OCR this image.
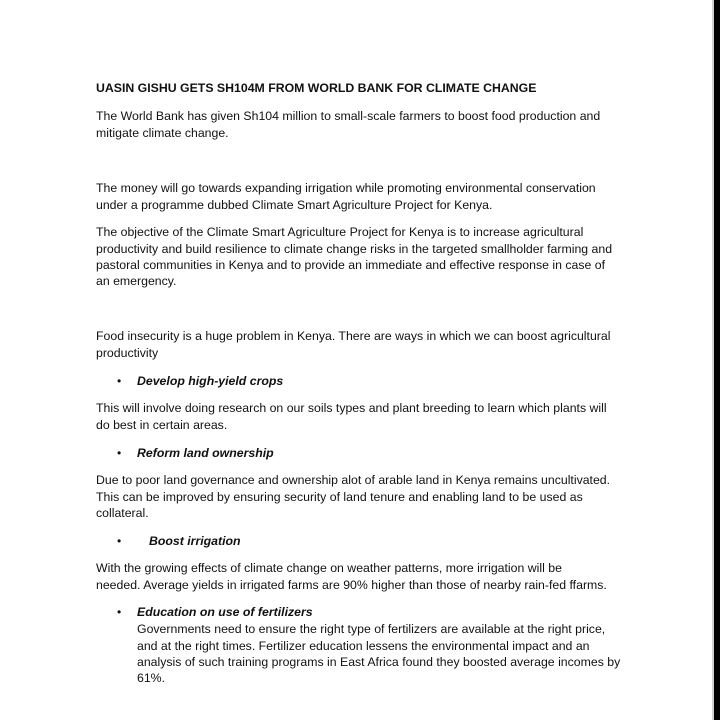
UASIN GISHU GETS SH104M FROM WORLD BANK FOR CLIMATE CHANGE
The World Bank has given Sh104 million to small-scale farmers to boost food production and
mitigate climate change.
The money will go towards expanding irrigation while promoting environmental conservation
under a programme dubbed Climate Smart Agriculture Project for Kenya.
The objective of the Climate Smart Agriculture Project for Kenya is to increase agricultural
productivity and build resilience to climate change risks in the targeted smallholder farming and
pastoral communities in Kenya and to provide an immediate and effective response in case of
an emergency.
Food insecurity is a huge problem in Kenya. There are ways in which we can boost agricultural
productivity
• Develop high-yield crops
This will involve doing research on our soils types and plant breeding to learn which plants will
do best in certain areas.
• Reform land ownership
Due to poor land governance and ownership alot of arable land in Kenya remains uncultivated.
This can be improved by ensuring security of land tenure and enabling land to be used as
collateral.
• Boost irrigation
With the growing effects of climate change on weather patterns, more irrigation will be
needed. Average yields in irrigated farms are 90% higher than those of nearby rain-fed ffarms.
• Education on use of fertilizers
Governments need to ensure the right type of fertilizers are available at the right price,
and at the right times. Fertilizer education lessens the environmental impact and an
analysis of such training programs in East Africa found they boosted average incomes by
61%.
